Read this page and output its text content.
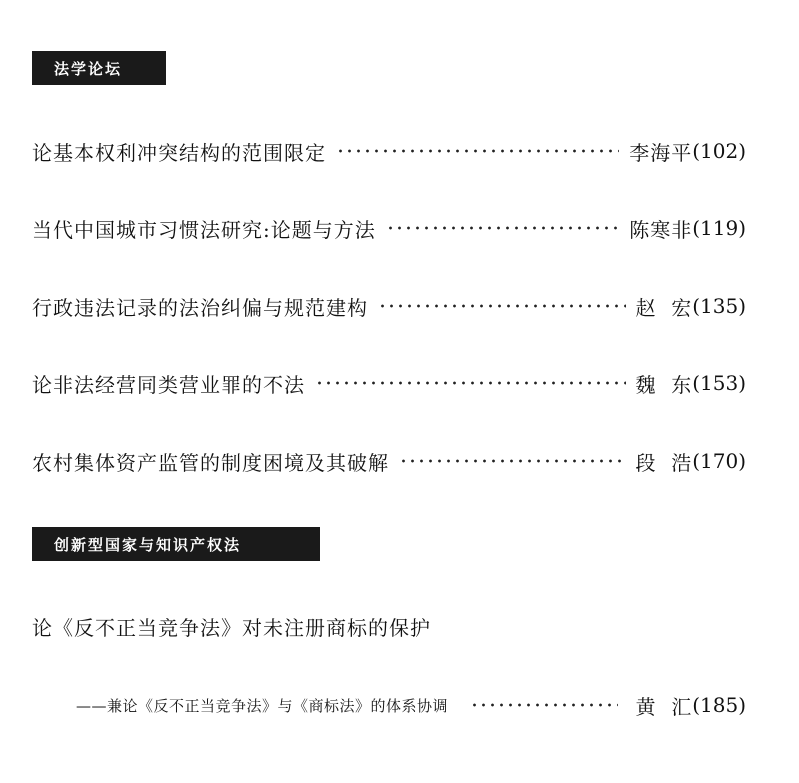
法学论坛
论基本权利冲突结构的范围限定	李海平 (102)
当代中国城市习惯法研究:论题与方法	陈寒非 (119)
行政违法记录的法治纠偏与规范建构	赵  宏 (135)
论非法经营同类营业罪的不法	魏  东 (153)
农村集体资产监管的制度困境及其破解	段  浩 (170)
创新型国家与知识产权法
论《反不正当竞争法》对未注册商标的保护
——兼论《反不正当竞争法》与《商标法》的体系协调	黄  汇 (185)
